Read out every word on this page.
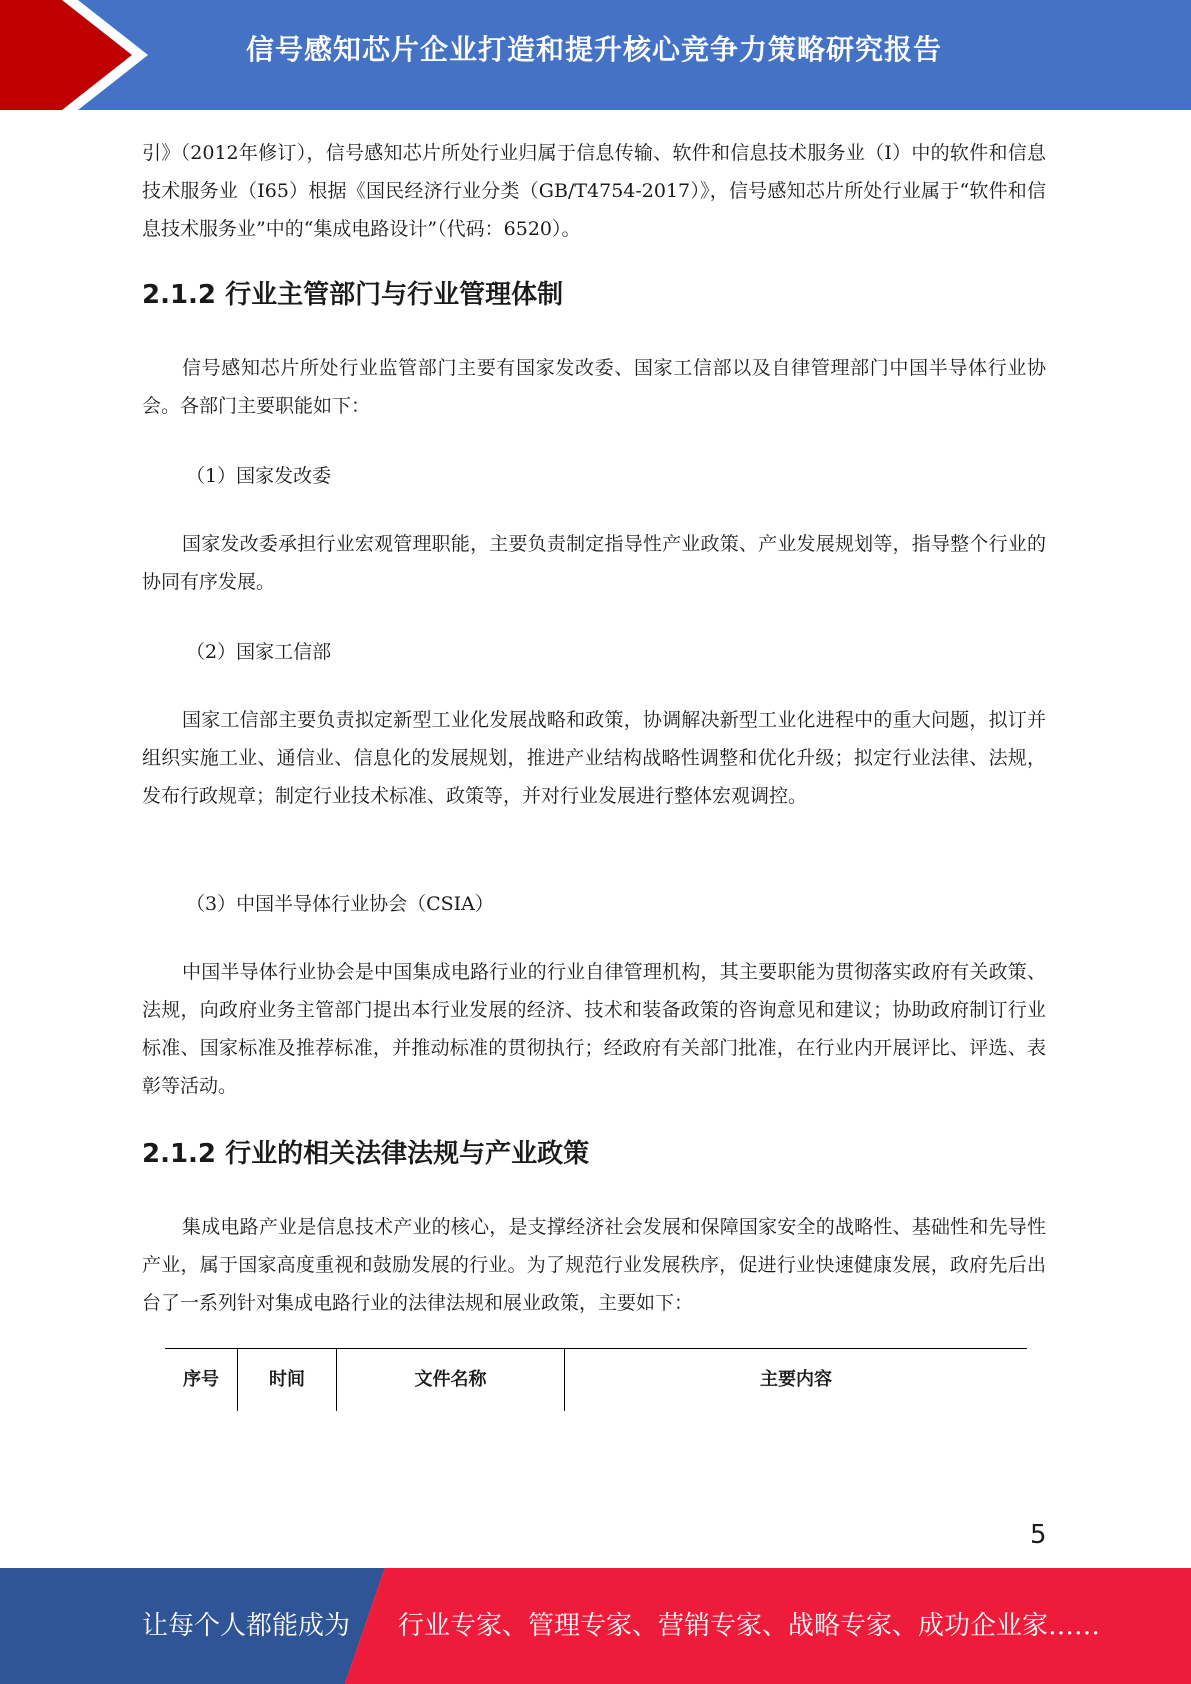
信号感知芯片企业打造和提升核心竞争力策略研究报告

引》（2012年修订），信号感知芯片所处行业归属于信息传输、软件和信息技术服务业（I）中的软件和信息技术服务业（I65）根据《国民经济行业分类（GB/T4754-2017）》，信号感知芯片所处行业属于“软件和信息技术服务业”中的“集成电路设计”（代码：6520）。

2.1.2 行业主管部门与行业管理体制

信号感知芯片所处行业监管部门主要有国家发改委、国家工信部以及自律管理部门中国半导体行业协会。各部门主要职能如下：

（1）国家发改委

国家发改委承担行业宏观管理职能，主要负责制定指导性产业政策、产业发展规划等，指导整个行业的协同有序发展。

（2）国家工信部

国家工信部主要负责拟定新型工业化发展战略和政策，协调解决新型工业化进程中的重大问题，拟订并组织实施工业、通信业、信息化的发展规划，推进产业结构战略性调整和优化升级；拟定行业法律、法规，发布行政规章；制定行业技术标准、政策等，并对行业发展进行整体宏观调控。

（3）中国半导体行业协会（CSIA）

中国半导体行业协会是中国集成电路行业的行业自律管理机构，其主要职能为贯彻落实政府有关政策、法规，向政府业务主管部门提出本行业发展的经济、技术和装备政策的咨询意见和建议；协助政府制订行业标准、国家标准及推荐标准，并推动标准的贯彻执行；经政府有关部门批准，在行业内开展评比、评选、表彰等活动。

2.1.2 行业的相关法律法规与产业政策

集成电路产业是信息技术产业的核心，是支撑经济社会发展和保障国家安全的战略性、基础性和先导性产业，属于国家高度重视和鼓励发展的行业。为了规范行业发展秩序，促进行业快速健康发展，政府先后出台了一系列针对集成电路行业的法律法规和展业政策，主要如下：

序号	时间	文件名称	主要内容
5
让每个人都能成为 行业专家、管理专家、营销专家、战略专家、成功企业家……
